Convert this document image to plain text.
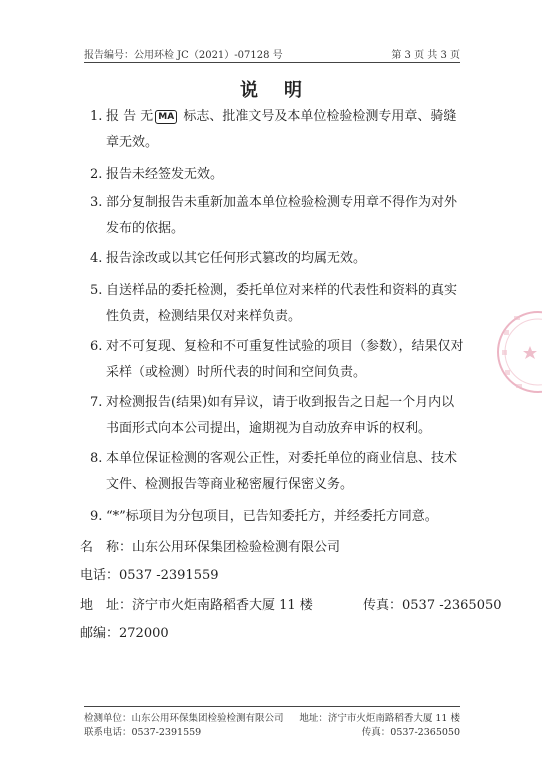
报告编号：公用环检 JC（2021）-07128 号	第 3 页 共 3 页
说明
1. 报 告 无 MA 标志、批准文号及本单位检验检测专用章、骑缝章无效。
2. 报告未经签发无效。
3. 部分复制报告未重新加盖本单位检验检测专用章不得作为对外发布的依据。
4. 报告涂改或以其它任何形式篡改的均属无效。
5. 自送样品的委托检测，委托单位对来样的代表性和资料的真实性负责，检测结果仅对来样负责。
6. 对不可复现、复检和不可重复性试验的项目（参数），结果仅对采样（或检测）时所代表的时间和空间负责。
7. 对检测报告(结果)如有异议，请于收到报告之日起一个月内以书面形式向本公司提出，逾期视为自动放弃申诉的权利。
8. 本单位保证检测的客观公正性，对委托单位的商业信息、技术文件、检测报告等商业秘密履行保密义务。
9. “*”标项目为分包项目，已告知委托方，并经委托方同意。
名　称：山东公用环保集团检验检测有限公司
电话：0537 -2391559
地　址：济宁市火炬南路稻香大厦 11 楼	传真：0537 -2365050
邮编：272000
检测单位：山东公用环保集团检验检测有限公司 地址：济宁市火炬南路稻香大厦 11 楼
联系电话：0537-2391559	传真：0537-2365050
